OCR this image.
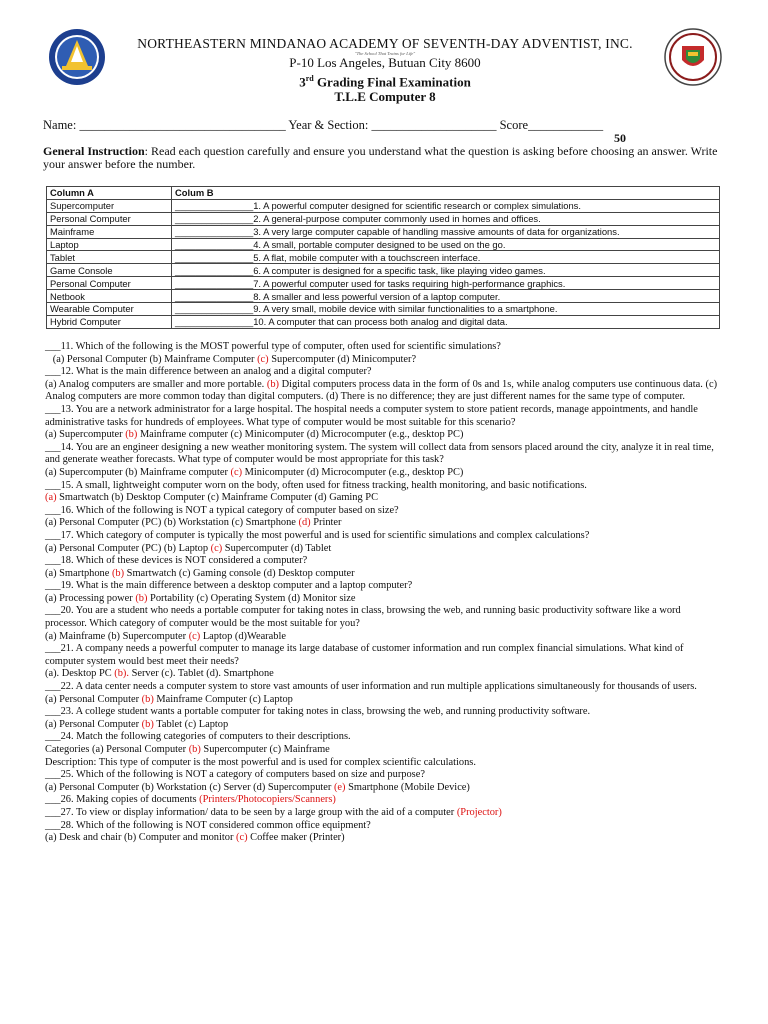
NORTHEASTERN MINDANAO ACADEMY OF SEVENTH-DAY ADVENTIST, INC.
"The School That Trains for Life"
P-10 Los Angeles, Butuan City 8600
3rd Grading Final Examination
T.L.E Computer 8
Name: _________________________________ Year & Section: ____________________ Score____________
50
General Instruction: Read each question carefully and ensure you understand what the question is asking before choosing an answer. Write your answer before the number.
Column A	Colum B
Supercomputer	_______________1. A powerful computer designed for scientific research or complex simulations.
Personal Computer	_______________2. A general-purpose computer commonly used in homes and offices.
Mainframe	_______________3. A very large computer capable of handling massive amounts of data for organizations.
Laptop	_______________4. A small, portable computer designed to be used on the go.
Tablet	_______________5. A flat, mobile computer with a touchscreen interface.
Game Console	_______________6. A computer is designed for a specific task, like playing video games.
Personal Computer	_______________7. A powerful computer used for tasks requiring high-performance graphics.
Netbook	_______________8. A smaller and less powerful version of a laptop computer.
Wearable Computer	_______________9. A very small, mobile device with similar functionalities to a smartphone.
Hybrid Computer	_______________10. A computer that can process both analog and digital data.
___11. Which of the following is the MOST powerful type of computer, often used for scientific simulations?
(a) Personal Computer (b) Mainframe Computer (c) Supercomputer (d) Minicomputer?
___12. What is the main difference between an analog and a digital computer?
(a) Analog computers are smaller and more portable. (b) Digital computers process data in the form of 0s and 1s, while analog computers use continuous data. (c) Analog computers are more common today than digital computers. (d) There is no difference; they are just different names for the same type of computer.
___13. You are a network administrator for a large hospital. The hospital needs a computer system to store patient records, manage appointments, and handle administrative tasks for hundreds of employees. What type of computer would be most suitable for this scenario?
(a) Supercomputer (b) Mainframe computer (c) Minicomputer (d) Microcomputer (e.g., desktop PC)
___14. You are an engineer designing a new weather monitoring system. The system will collect data from sensors placed around the city, analyze it in real time, and generate weather forecasts. What type of computer would be most appropriate for this task?
(a) Supercomputer (b) Mainframe computer (c) Minicomputer (d) Microcomputer (e.g., desktop PC)
___15. A small, lightweight computer worn on the body, often used for fitness tracking, health monitoring, and basic notifications.
(a) Smartwatch (b) Desktop Computer (c) Mainframe Computer (d) Gaming PC
___16. Which of the following is NOT a typical category of computer based on size?
(a) Personal Computer (PC) (b) Workstation (c) Smartphone (d) Printer
___17. Which category of computer is typically the most powerful and is used for scientific simulations and complex calculations?
(a) Personal Computer (PC) (b) Laptop (c) Supercomputer (d) Tablet
___18. Which of these devices is NOT considered a computer?
(a) Smartphone (b) Smartwatch (c) Gaming console (d) Desktop computer
___19. What is the main difference between a desktop computer and a laptop computer?
(a) Processing power (b) Portability (c) Operating System (d) Monitor size
___20. You are a student who needs a portable computer for taking notes in class, browsing the web, and running basic productivity software like a word processor. Which category of computer would be the most suitable for you?
(a) Mainframe (b) Supercomputer (c) Laptop (d)Wearable
___21. A company needs a powerful computer to manage its large database of customer information and run complex financial simulations. What kind of computer system would best meet their needs?
(a). Desktop PC (b). Server (c). Tablet (d). Smartphone
___22. A data center needs a computer system to store vast amounts of user information and run multiple applications simultaneously for thousands of users.
(a) Personal Computer (b) Mainframe Computer (c) Laptop
___23. A college student wants a portable computer for taking notes in class, browsing the web, and running productivity software.
(a) Personal Computer (b) Tablet (c) Laptop
___24. Match the following categories of computers to their descriptions.
Categories (a) Personal Computer (b) Supercomputer (c) Mainframe
Description: This type of computer is the most powerful and is used for complex scientific calculations.
___25. Which of the following is NOT a category of computers based on size and purpose?
(a) Personal Computer (b) Workstation (c) Server (d) Supercomputer (e) Smartphone (Mobile Device)
___26. Making copies of documents (Printers/Photocopiers/Scanners)
___27. To view or display information/ data to be seen by a large group with the aid of a computer (Projector)
___28. Which of the following is NOT considered common office equipment?
(a) Desk and chair (b) Computer and monitor (c) Coffee maker (Printer)
